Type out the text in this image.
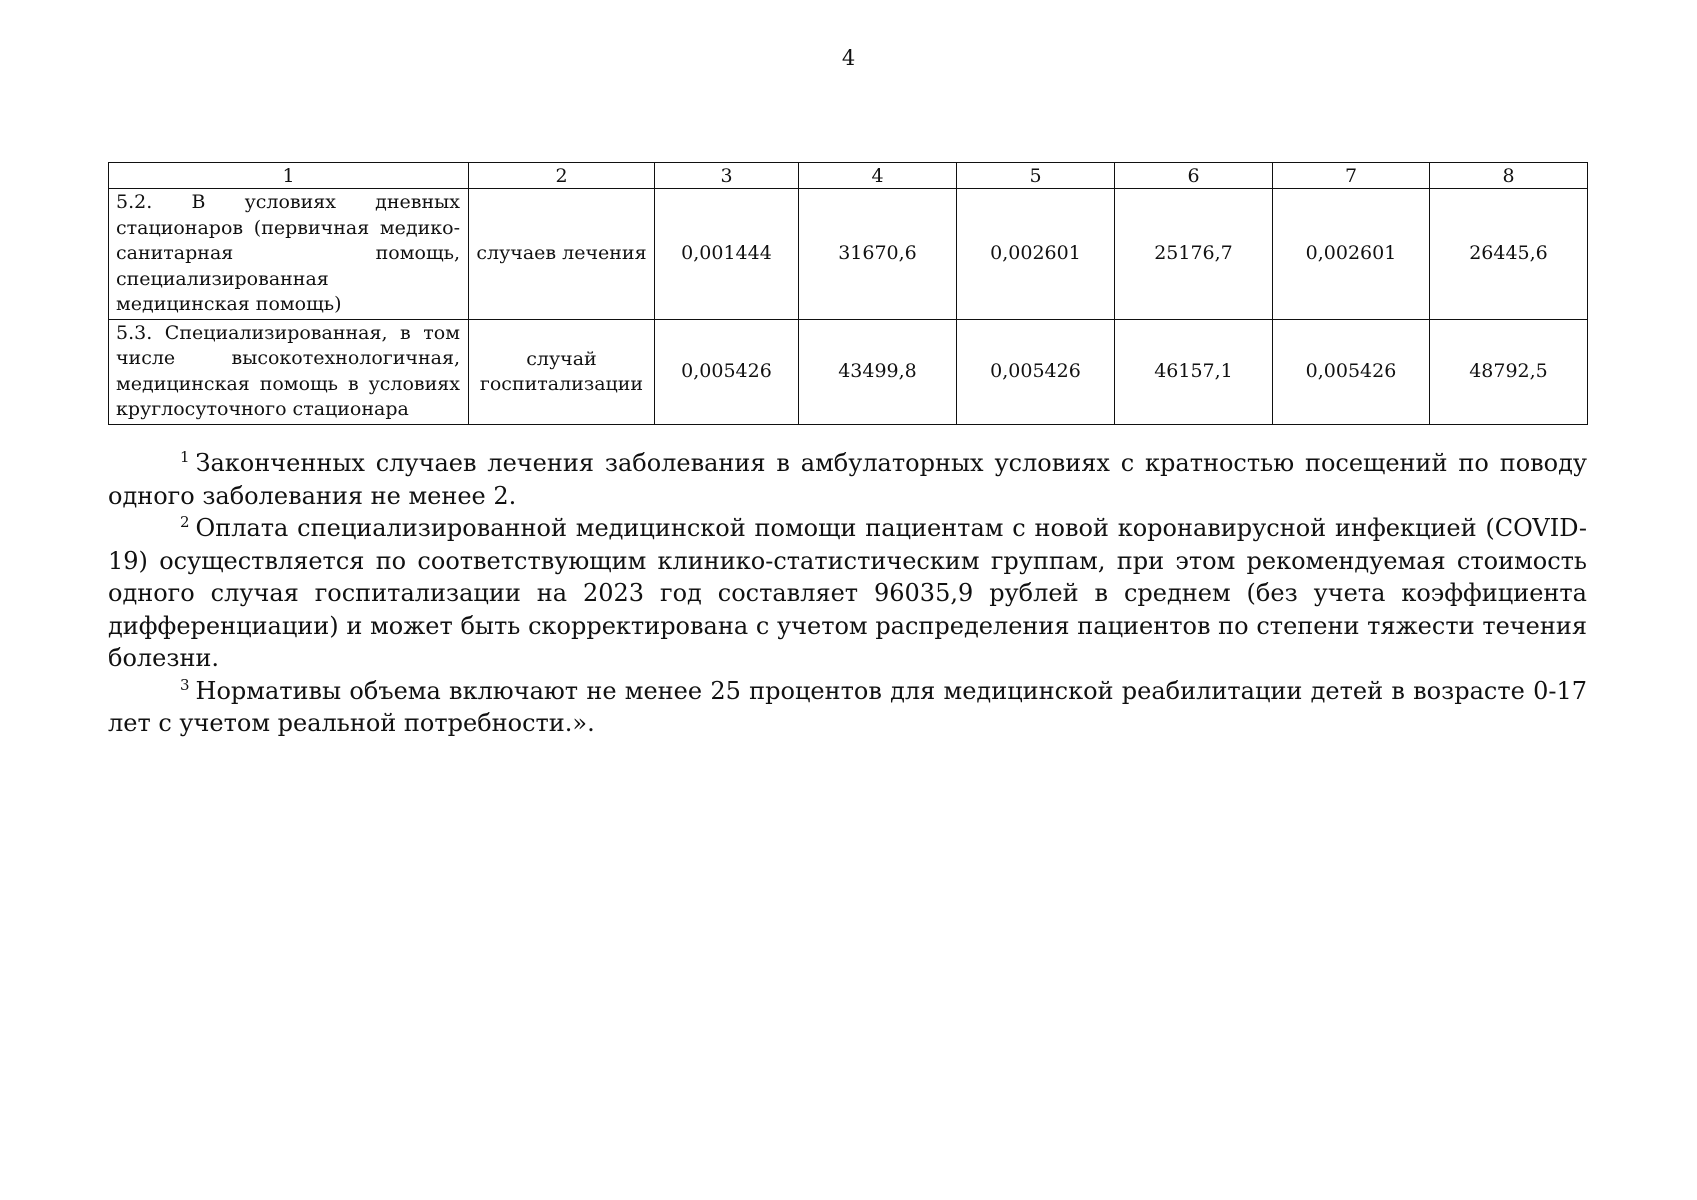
4
1	2	3	4	5	6	7	8
5.2. В условиях дневных стационаров (первичная медико-санитарная помощь, специализированная медицинская помощь)	случаев лечения	0,001444	31670,6	0,002601	25176,7	0,002601	26445,6
5.3. Специализированная, в том числе высокотехнологичная, медицинская помощь в условиях круглосуточного стационара	случай госпитализации	0,005426	43499,8	0,005426	46157,1	0,005426	48792,5

$^1$ Законченных случаев лечения заболевания в амбулаторных условиях с кратностью посещений по поводу одного заболевания не менее 2.

$^2$ Оплата специализированной медицинской помощи пациентам с новой коронавирусной инфекцией (COVID-19) осуществляется по соответствующим клинико-статистическим группам, при этом рекомендуемая стоимость одного случая госпитализации на 2023 год составляет 96035,9 рублей в среднем (без учета коэффициента дифференциации) и может быть скорректирована с учетом распределения пациентов по степени тяжести течения болезни.

$^3$ Нормативы объема включают не менее 25 процентов для медицинской реабилитации детей в возрасте 0-17 лет с учетом реальной потребности.».
